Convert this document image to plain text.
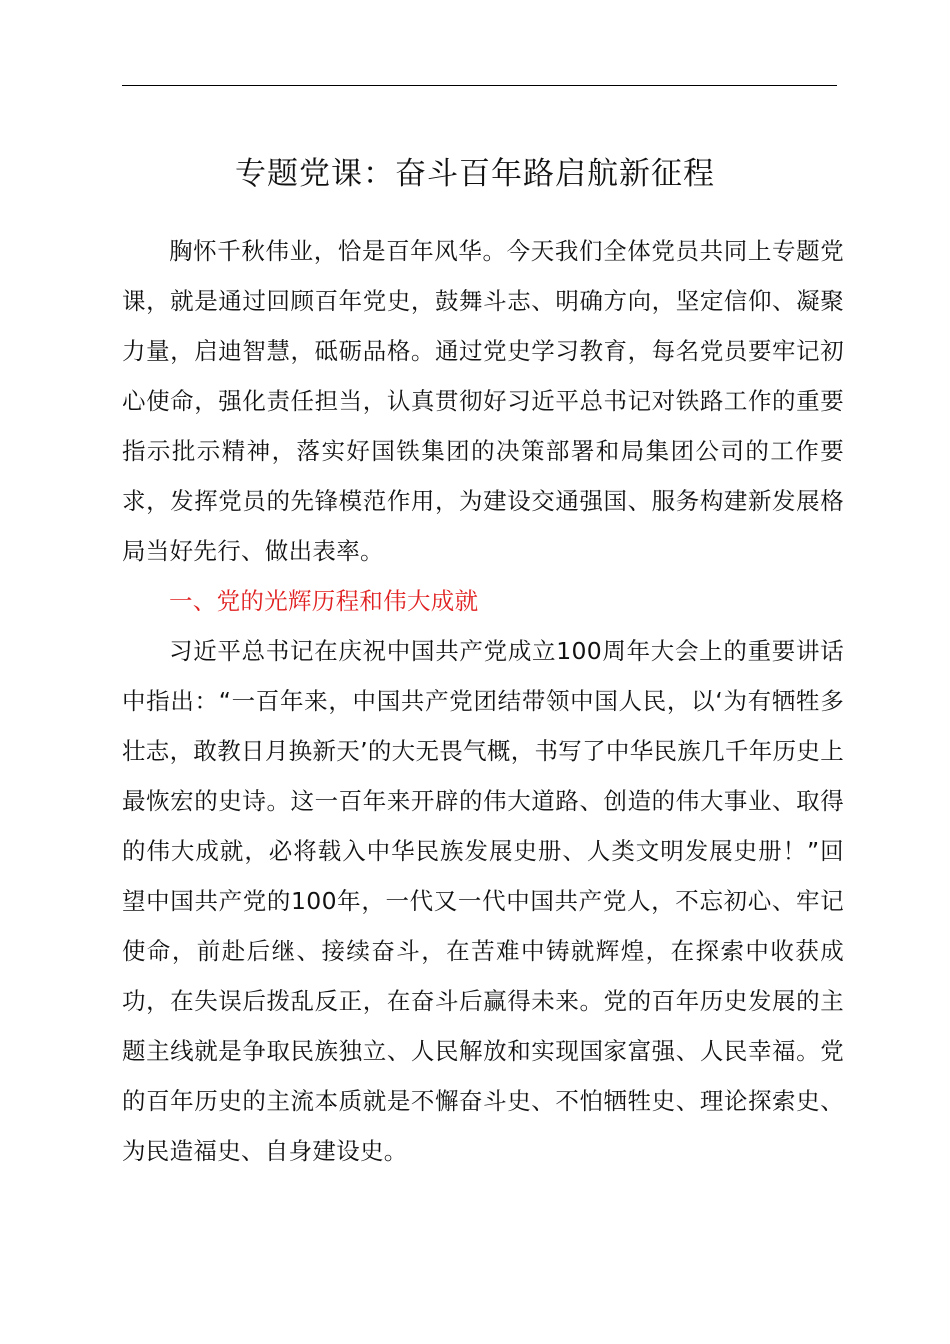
专题党课：奋斗百年路启航新征程

胸怀千秋伟业，恰是百年风华。今天我们全体党员共同上专题党课，就是通过回顾百年党史，鼓舞斗志、明确方向，坚定信仰、凝聚力量，启迪智慧，砥砺品格。通过党史学习教育，每名党员要牢记初心使命，强化责任担当，认真贯彻好习近平总书记对铁路工作的重要指示批示精神，落实好国铁集团的决策部署和局集团公司的工作要求，发挥党员的先锋模范作用，为建设交通强国、服务构建新发展格局当好先行、做出表率。

一、党的光辉历程和伟大成就

习近平总书记在庆祝中国共产党成立100周年大会上的重要讲话中指出：“一百年来，中国共产党团结带领中国人民，以‘为有牺牲多壮志，敢教日月换新天’的大无畏气概，书写了中华民族几千年历史上最恢宏的史诗。这一百年来开辟的伟大道路、创造的伟大事业、取得的伟大成就，必将载入中华民族发展史册、人类文明发展史册！”回望中国共产党的100年，一代又一代中国共产党人，不忘初心、牢记使命，前赴后继、接续奋斗，在苦难中铸就辉煌，在探索中收获成功，在失误后拨乱反正，在奋斗后赢得未来。党的百年历史发展的主题主线就是争取民族独立、人民解放和实现国家富强、人民幸福。党的百年历史的主流本质就是不懈奋斗史、不怕牺牲史、理论探索史、为民造福史、自身建设史。
